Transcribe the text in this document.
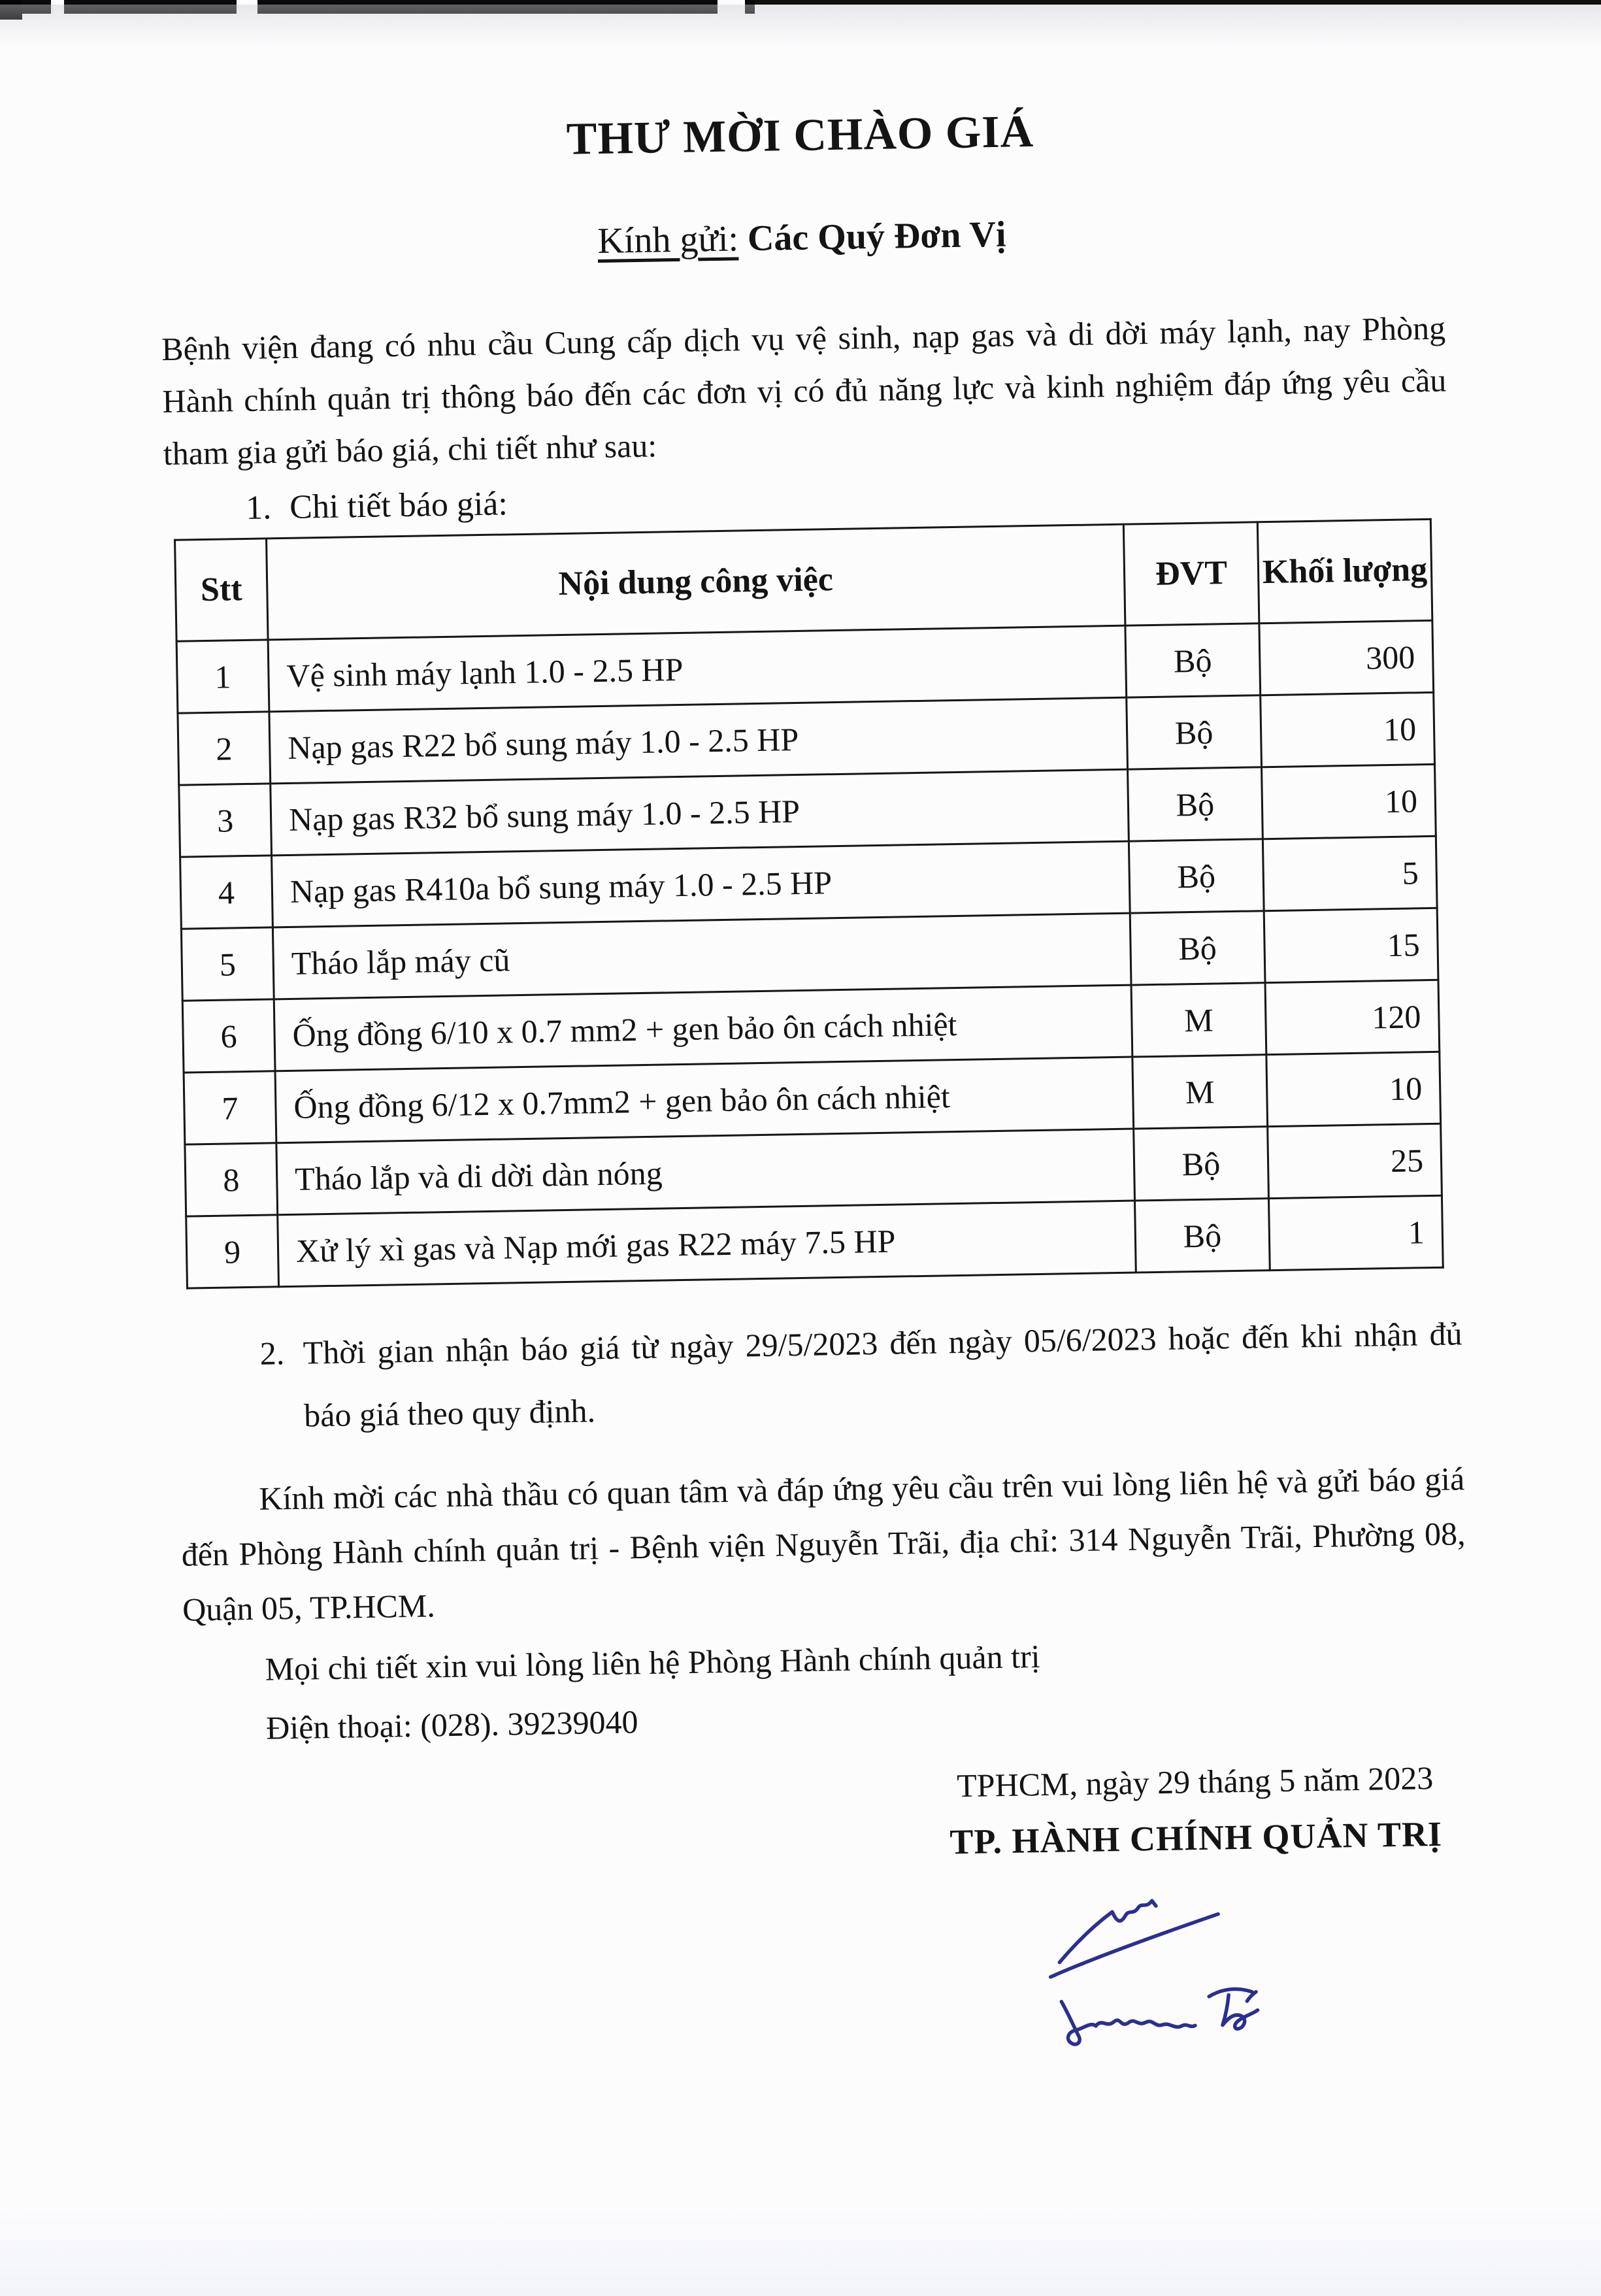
THƯ MỜI CHÀO GIÁ

Kính gửi: Các Quý Đơn Vị

Bệnh viện đang có nhu cầu Cung cấp dịch vụ vệ sinh, nạp gas và di dời máy lạnh, nay Phòng Hành chính quản trị thông báo đến các đơn vị có đủ năng lực và kinh nghiệm đáp ứng yêu cầu tham gia gửi báo giá, chi tiết như sau:

1. Chi tiết báo giá:

Stt	Nội dung công việc	ĐVT	Khối lượng
1	Vệ sinh máy lạnh 1.0 - 2.5 HP	Bộ	300
2	Nạp gas R22 bổ sung máy 1.0 - 2.5 HP	Bộ	10
3	Nạp gas R32 bổ sung máy 1.0 - 2.5 HP	Bộ	10
4	Nạp gas R410a bổ sung máy 1.0 - 2.5 HP	Bộ	5
5	Tháo lắp máy cũ	Bộ	15
6	Ống đồng 6/10 x 0.7 mm2 + gen bảo ôn cách nhiệt	M	120
7	Ống đồng 6/12 x 0.7mm2 + gen bảo ôn cách nhiệt	M	10
8	Tháo lắp và di dời dàn nóng	Bộ	25
9	Xử lý xì gas và Nạp mới gas R22 máy 7.5 HP	Bộ	1
2. Thời gian nhận báo giá từ ngày 29/5/2023 đến ngày 05/6/2023 hoặc đến khi nhận đủ báo giá theo quy định.

Kính mời các nhà thầu có quan tâm và đáp ứng yêu cầu trên vui lòng liên hệ và gửi báo giá đến Phòng Hành chính quản trị - Bệnh viện Nguyễn Trãi, địa chỉ: 314 Nguyễn Trãi, Phường 08, Quận 05, TP.HCM.

Mọi chi tiết xin vui lòng liên hệ Phòng Hành chính quản trị

Điện thoại: (028). 39239040

TPHCM, ngày 29 tháng 5 năm 2023

TP. HÀNH CHÍNH QUẢN TRỊ
